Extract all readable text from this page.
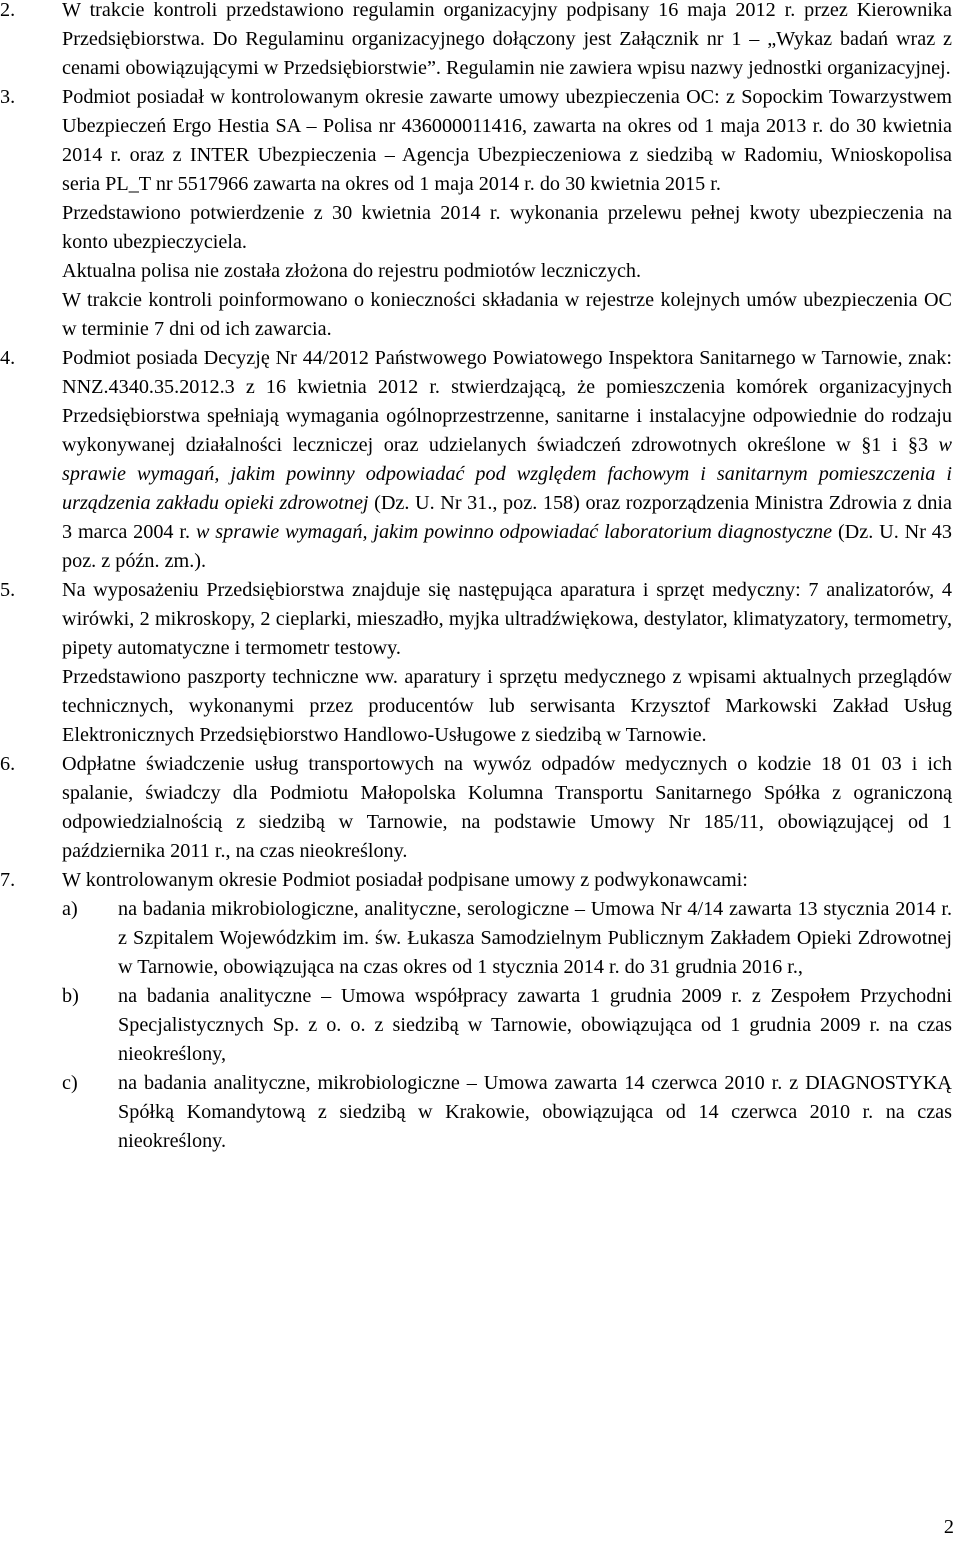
2. W trakcie kontroli przedstawiono regulamin organizacyjny podpisany 16 maja 2012 r. przez Kierownika Przedsiębiorstwa. Do Regulaminu organizacyjnego dołączony jest Załącznik nr 1 – „Wykaz badań wraz z cenami obowiązującymi w Przedsiębiorstwie”. Regulamin nie zawiera wpisu nazwy jednostki organizacyjnej.

3. Podmiot posiadał w kontrolowanym okresie zawarte umowy ubezpieczenia OC: z Sopockim Towarzystwem Ubezpieczeń Ergo Hestia SA – Polisa nr 436000011416, zawarta na okres od 1 maja 2013 r. do 30 kwietnia 2014 r. oraz z INTER Ubezpieczenia – Agencja Ubezpieczeniowa z siedzibą w Radomiu, Wnioskopolisa seria PL_T nr 5517966 zawarta na okres od 1 maja 2014 r. do 30 kwietnia 2015 r.

Przedstawiono potwierdzenie z 30 kwietnia 2014 r. wykonania przelewu pełnej kwoty ubezpieczenia na konto ubezpieczyciela.

Aktualna polisa nie została złożona do rejestru podmiotów leczniczych.

W trakcie kontroli poinformowano o konieczności składania w rejestrze kolejnych umów ubezpieczenia OC w terminie 7 dni od ich zawarcia.

4. Podmiot posiada Decyzję Nr 44/2012 Państwowego Powiatowego Inspektora Sanitarnego w Tarnowie, znak: NNZ.4340.35.2012.3 z 16 kwietnia 2012 r. stwierdzającą, że pomieszczenia komórek organizacyjnych Przedsiębiorstwa spełniają wymagania ogólnoprzestrzenne, sanitarne i instalacyjne odpowiednie do rodzaju wykonywanej działalności leczniczej oraz udzielanych świadczeń zdrowotnych określone w §1 i §3 w sprawie wymagań, jakim powinny odpowiadać pod względem fachowym i sanitarnym pomieszczenia i urządzenia zakładu opieki zdrowotnej (Dz. U. Nr 31., poz. 158) oraz rozporządzenia Ministra Zdrowia z dnia 3 marca 2004 r. w sprawie wymagań, jakim powinno odpowiadać laboratorium diagnostyczne (Dz. U. Nr 43 poz. z późn. zm.).

5. Na wyposażeniu Przedsiębiorstwa znajduje się następująca aparatura i sprzęt medyczny: 7 analizatorów, 4 wirówki, 2 mikroskopy, 2 cieplarki, mieszadło, myjka ultradźwiękowa, destylator, klimatyzatory, termometry, pipety automatyczne i termometr testowy.

Przedstawiono paszporty techniczne ww. aparatury i sprzętu medycznego z wpisami aktualnych przeglądów technicznych, wykonanymi przez producentów lub serwisanta Krzysztof Markowski Zakład Usług Elektronicznych Przedsiębiorstwo Handlowo-Usługowe z siedzibą w Tarnowie.

6. Odpłatne świadczenie usług transportowych na wywóz odpadów medycznych o kodzie 18 01 03 i ich spalanie, świadczy dla Podmiotu Małopolska Kolumna Transportu Sanitarnego Spółka z ograniczoną odpowiedzialnością z siedzibą w Tarnowie, na podstawie Umowy Nr 185/11, obowiązującej od 1 października 2011 r., na czas nieokreślony.

7. W kontrolowanym okresie Podmiot posiadał podpisane umowy z podwykonawcami:

a) na badania mikrobiologiczne, analityczne, serologiczne – Umowa Nr 4/14 zawarta 13 stycznia 2014 r. z Szpitalem Wojewódzkim im. św. Łukasza Samodzielnym Publicznym Zakładem Opieki Zdrowotnej w Tarnowie, obowiązująca na czas okres od 1 stycznia 2014 r. do 31 grudnia 2016 r.,

b) na badania analityczne – Umowa współpracy zawarta 1 grudnia 2009 r. z Zespołem Przychodni Specjalistycznych Sp. z o. o. z siedzibą w Tarnowie, obowiązująca od 1 grudnia 2009 r. na czas nieokreślony,

c) na badania analityczne, mikrobiologiczne – Umowa zawarta 14 czerwca 2010 r. z DIAGNOSTYKĄ Spółką Komandytową z siedzibą w Krakowie, obowiązująca od 14 czerwca 2010 r. na czas nieokreślony.

2
